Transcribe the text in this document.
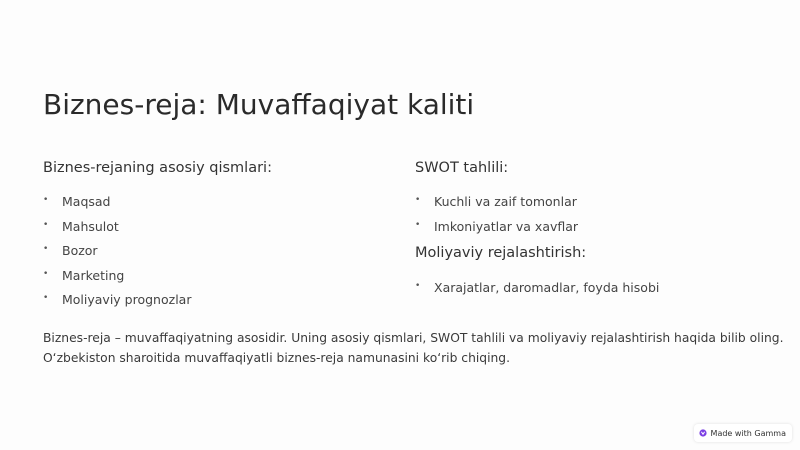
Biznes-reja: Muvaffaqiyat kaliti
Biznes-rejaning asosiy qismlari:
• Maqsad
• Mahsulot
• Bozor
• Marketing
• Moliyaviy prognozlar
SWOT tahlili:
• Kuchli va zaif tomonlar
• Imkoniyatlar va xavflar
Moliyaviy rejalashtirish:
• Xarajatlar, daromadlar, foyda hisobi

Biznes-reja – muvaffaqiyatning asosidir. Uning asosiy qismlari, SWOT tahlili va moliyaviy rejalashtirish haqida bilib oling.
O‘zbekiston sharoitida muvaffaqiyatli biznes-reja namunasini ko‘rib chiqing.

Made with Gamma
